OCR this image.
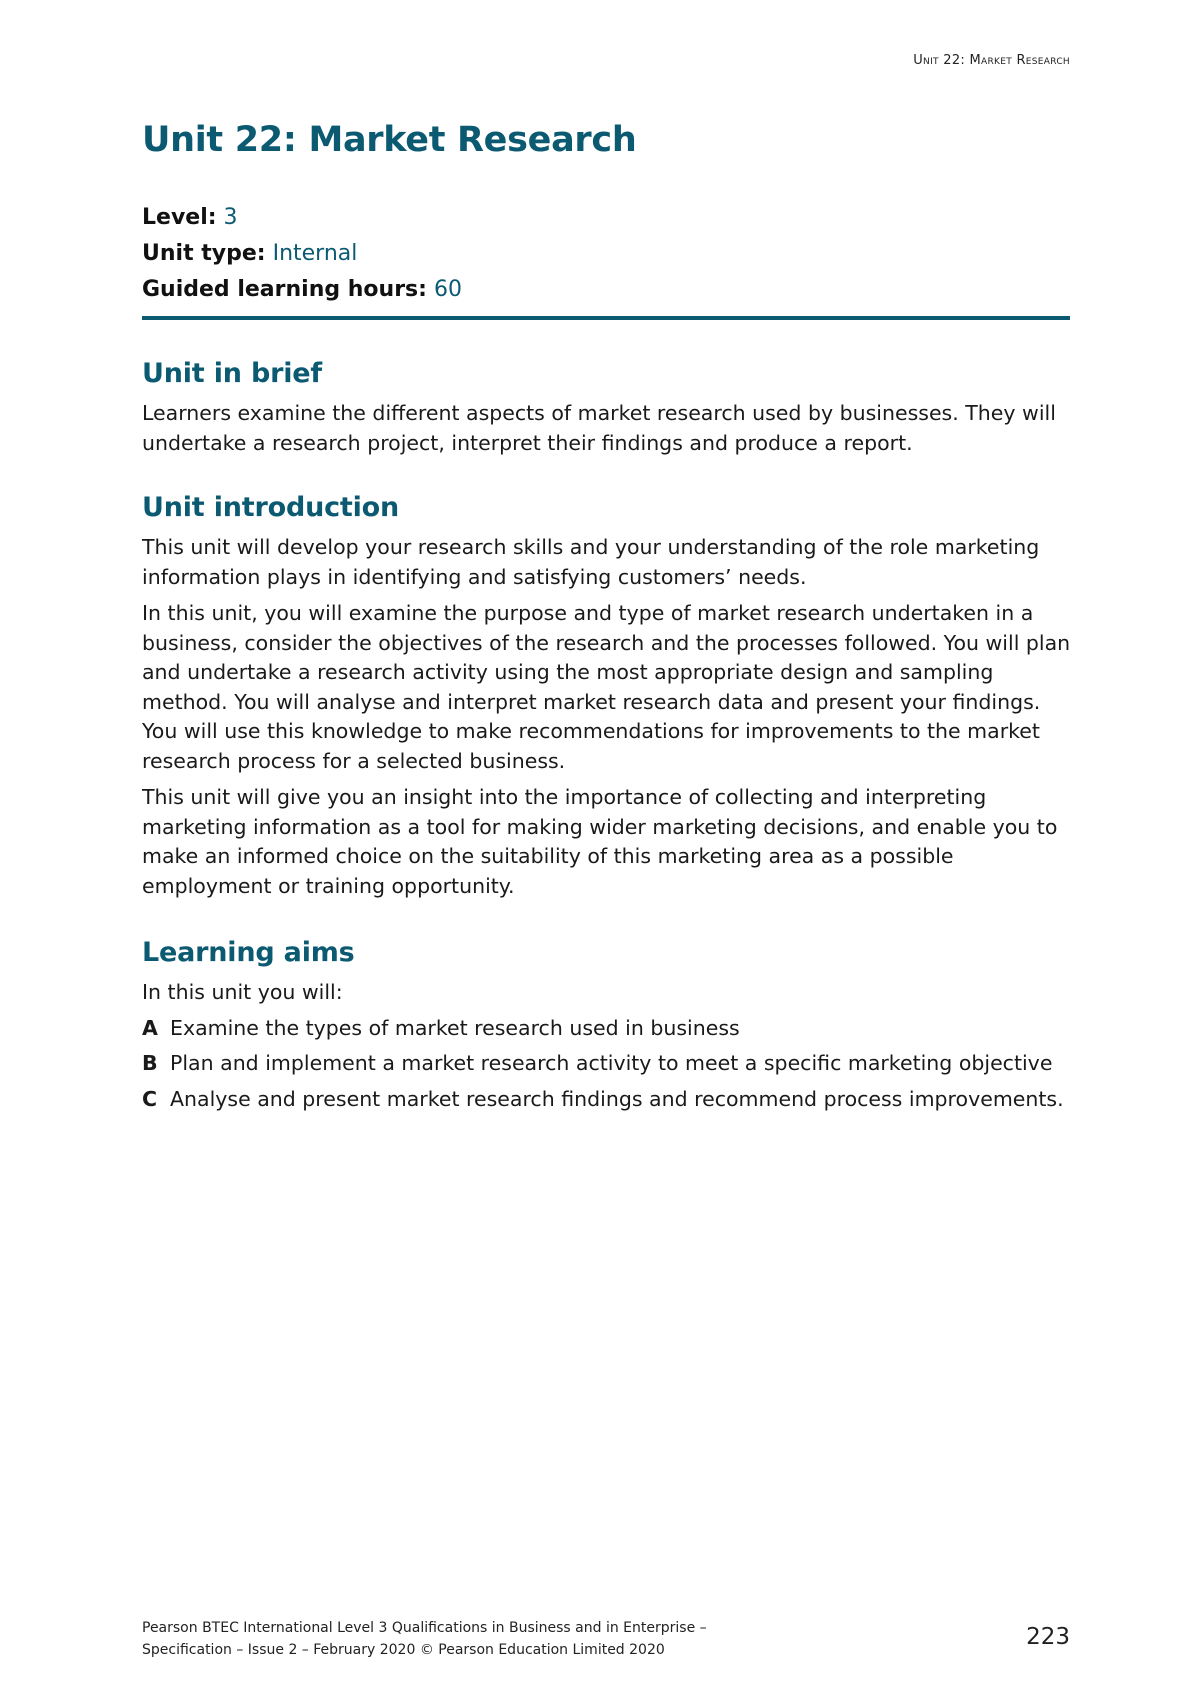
Unit 22: Market Research
Unit 22: Market Research
Level: 3
Unit type: Internal
Guided learning hours: 60
Unit in brief

Learners examine the different aspects of market research used by businesses. They will undertake a research project, interpret their findings and produce a report.

Unit introduction

This unit will develop your research skills and your understanding of the role marketing information plays in identifying and satisfying customers’ needs.

In this unit, you will examine the purpose and type of market research undertaken in a business, consider the objectives of the research and the processes followed. You will plan and undertake a research activity using the most appropriate design and sampling method. You will analyse and interpret market research data and present your findings. You will use this knowledge to make recommendations for improvements to the market research process for a selected business.

This unit will give you an insight into the importance of collecting and interpreting marketing information as a tool for making wider marketing decisions, and enable you to make an informed choice on the suitability of this marketing area as a possible employment or training opportunity.

Learning aims

In this unit you will:

A Examine the types of market research used in business
B Plan and implement a market research activity to meet a specific marketing objective
C Analyse and present market research findings and recommend process improvements.
Pearson BTEC International Level 3 Qualifications in Business and in Enterprise –
Specification – Issue 2 – February 2020 © Pearson Education Limited 2020	223
